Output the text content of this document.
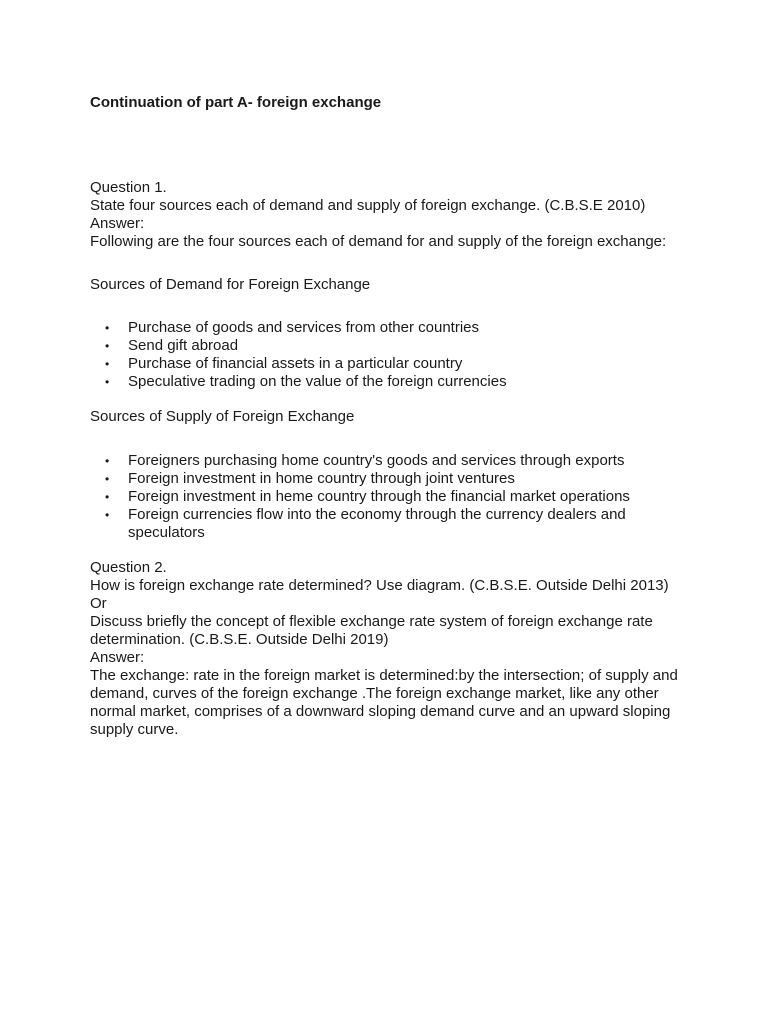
Continuation of part A- foreign exchange

Question 1.

State four sources each of demand and supply of foreign exchange. (C.B.S.E 2010)

Answer:

Following are the four sources each of demand for and supply of the foreign exchange:

Sources of Demand for Foreign Exchange

• Purchase of goods and services from other countries
• Send gift abroad
• Purchase of financial assets in a particular country
• Speculative trading on the value of the foreign currencies

Sources of Supply of Foreign Exchange

• Foreigners purchasing home country's goods and services through exports
• Foreign investment in home country through joint ventures
• Foreign investment in heme country through the financial market operations
• Foreign currencies flow into the economy through the currency dealers and speculators

Question 2.

How is foreign exchange rate determined? Use diagram. (C.B.S.E. Outside Delhi 2013)

Or

Discuss briefly the concept of flexible exchange rate system of foreign exchange rate determination. (C.B.S.E. Outside Delhi 2019)

Answer:

The exchange: rate in the foreign market is determined:by the intersection; of supply and demand, curves of the foreign exchange .The foreign exchange market, like any other normal market, comprises of a downward sloping demand curve and an upward sloping supply curve.
